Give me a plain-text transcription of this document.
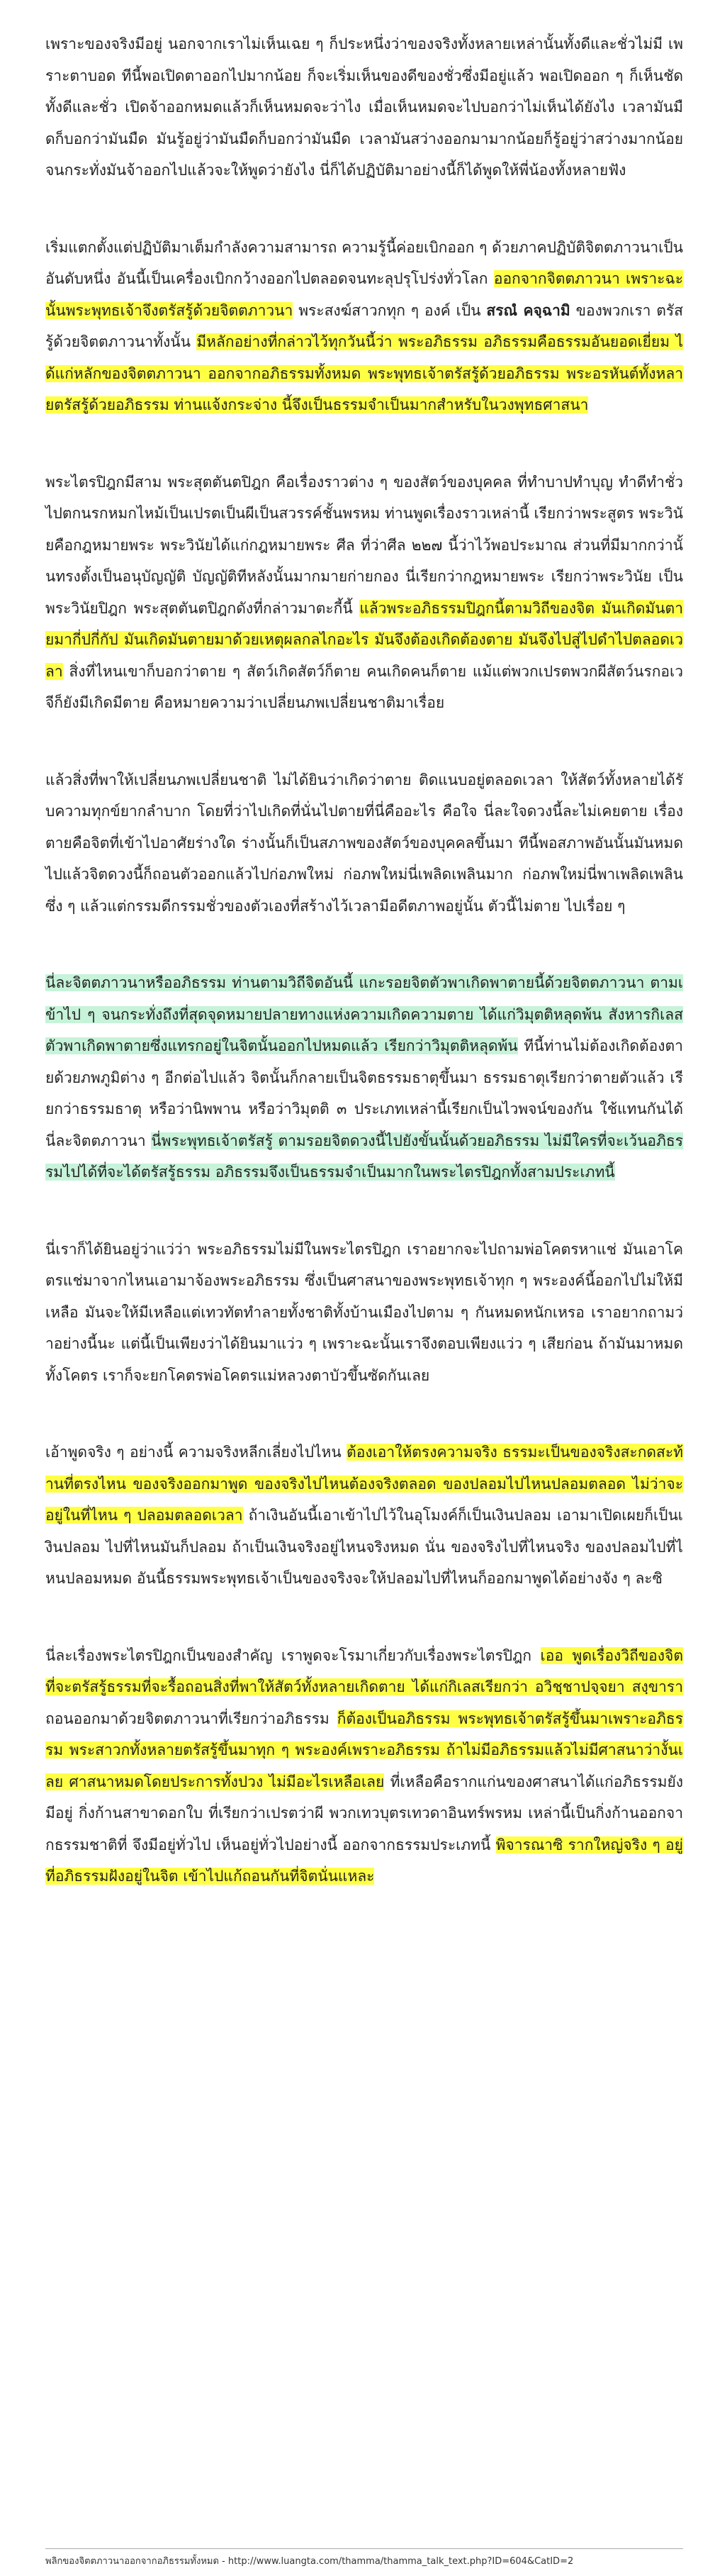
เพราะของจริงมีอยู่ นอกจากเราไม่เห็นเฉย ๆ ก็ประหนึ่งว่าของจริงทั้งหลายเหล่านั้นทั้งดีและชั่วไม่มี เพราะตาบอด ทีนี้พอเปิดตาออกไปมากน้อย ก็จะเริ่มเห็นของดีของชั่วซึ่งมีอยู่แล้ว พอเปิดออก ๆ ก็เห็นชัดทั้งดีและชั่ว เปิดจ้าออกหมดแล้วก็เห็นหมดจะว่าไง เมื่อเห็นหมดจะไปบอกว่าไม่เห็นได้ยังไง เวลามันมืดก็บอกว่ามันมืด มันรู้อยู่ว่ามันมืดก็บอกว่ามันมืด เวลามันสว่างออกมามากน้อยก็รู้อยู่ว่าสว่างมากน้อย จนกระทั่งมันจ้าออกไปแล้วจะให้พูดว่ายังไง นี่ก็ได้ปฏิบัติมาอย่างนี้ก็ได้พูดให้พี่น้องทั้งหลายฟัง

เริ่มแตกตั้งแต่ปฏิบัติมาเต็มกำลังความสามารถ ความรู้นี้ค่อยเบิกออก ๆ ด้วยภาคปฏิบัติจิตตภาวนาเป็นอันดับหนึ่ง อันนี้เป็นเครื่องเบิกกว้างออกไปตลอดจนทะลุปรุโปร่งทั่วโลก ออกจากจิตตภาวนา เพราะฉะนั้นพระพุทธเจ้าจึงตรัสรู้ด้วยจิตตภาวนา พระสงฆ์สาวกทุก ๆ องค์ เป็น สรณํ คจฺฉามิ ของพวกเรา ตรัสรู้ด้วยจิตตภาวนาทั้งนั้น มีหลักอย่างที่กล่าวไว้ทุกวันนี้ว่า พระอภิธรรม อภิธรรมคือธรรมอันยอดเยี่ยม ได้แก่หลักของจิตตภาวนา ออกจากอภิธรรมทั้งหมด พระพุทธเจ้าตรัสรู้ด้วยอภิธรรม พระอรหันต์ทั้งหลายตรัสรู้ด้วยอภิธรรม ท่านแจ้งกระจ่าง นี้จึงเป็นธรรมจำเป็นมากสำหรับในวงพุทธศาสนา

พระไตรปิฎกมีสาม พระสุตตันตปิฎก คือเรื่องราวต่าง ๆ ของสัตว์ของบุคคล ที่ทำบาปทำบุญ ทำดีทำชั่ว ไปตกนรกหมกไหม้เป็นเปรตเป็นผีเป็นสวรรค์ชั้นพรหม ท่านพูดเรื่องราวเหล่านี้ เรียกว่าพระสูตร พระวินัยคือกฎหมายพระ พระวินัยได้แก่กฎหมายพระ ศีล ที่ว่าศีล ๒๒๗ นี้ว่าไว้พอประมาณ ส่วนที่มีมากกว่านั้นทรงตั้งเป็นอนุบัญญัติ บัญญัติทีหลังนั้นมากมายก่ายกอง นี่เรียกว่ากฎหมายพระ เรียกว่าพระวินัย เป็นพระวินัยปิฎก พระสุตตันตปิฎกดังที่กล่าวมาตะกี้นี้ แล้วพระอภิธรรมปิฎกนี้ตามวิถีของจิต มันเกิดมันตายมากี่ปกี่กัป มันเกิดมันตายมาด้วยเหตุผลกลไกอะไร มันจึงต้องเกิดต้องตาย มันจึงไปสู่ไปดำไปตลอดเวลา สิ่งที่ไหนเขาก็บอกว่าตาย ๆ สัตว์เกิดสัตว์ก็ตาย คนเกิดคนก็ตาย แม้แต่พวกเปรตพวกผีสัตว์นรกอเวจีก็ยังมีเกิดมีตาย คือหมายความว่าเปลี่ยนภพเปลี่ยนชาติมาเรื่อย

แล้วสิ่งที่พาให้เปลี่ยนภพเปลี่ยนชาติ ไม่ได้ยินว่าเกิดว่าตาย ติดแนบอยู่ตลอดเวลา ให้สัตว์ทั้งหลายได้รับความทุกข์ยากลำบาก โดยที่ว่าไปเกิดที่นั่นไปตายที่นี่คืออะไร คือใจ นี่ละใจดวงนี้ละไม่เคยตาย เรื่องตายคือจิตที่เข้าไปอาศัยร่างใด ร่างนั้นก็เป็นสภาพของสัตว์ของบุคคลขึ้นมา ทีนี้พอสภาพอันนั้นมันหมดไปแล้วจิตดวงนี้ก็ถอนตัวออกแล้วไปก่อภพใหม่ ก่อภพใหม่นี่เพลิดเพลินมาก ก่อภพใหม่นี่พาเพลิดเพลินซึ่ง ๆ แล้วแต่กรรมดีกรรมชั่วของตัวเองที่สร้างไว้เวลามีอดีตภาพอยู่นั้น ตัวนี้ไม่ตาย ไปเรื่อย ๆ

นี่ละจิตตภาวนาหรืออภิธรรม ท่านตามวิถีจิตอันนี้ แกะรอยจิตตัวพาเกิดพาตายนี้ด้วยจิตตภาวนา ตามเข้าไป ๆ จนกระทั่งถึงที่สุดจุดหมายปลายทางแห่งความเกิดความตาย ได้แก่วิมุตติหลุดพ้น สังหารกิเลสตัวพาเกิดพาตายซึ่งแทรกอยู่ในจิตนั้นออกไปหมดแล้ว เรียกว่าวิมุตติหลุดพ้น ทีนี้ท่านไม่ต้องเกิดต้องตายด้วยภพภูมิต่าง ๆ อีกต่อไปแล้ว จิตนั้นก็กลายเป็นจิตธรรมธาตุขึ้นมา ธรรมธาตุเรียกว่าตายตัวแล้ว เรียกว่าธรรมธาตุ หรือว่านิพพาน หรือว่าวิมุตติ ๓ ประเภทเหล่านี้เรียกเป็นไวพจน์ของกัน ใช้แทนกันได้ นี่ละจิตตภาวนา นี่พระพุทธเจ้าตรัสรู้ ตามรอยจิตดวงนี้ไปยังขั้นนั้นด้วยอภิธรรม ไม่มีใครที่จะเว้นอภิธรรมไปได้ที่จะได้ตรัสรู้ธรรม อภิธรรมจึงเป็นธรรมจำเป็นมากในพระไตรปิฎกทั้งสามประเภทนี้

นี่เราก็ได้ยินอยู่ว่าแว่ว่า พระอภิธรรมไม่มีในพระไตรปิฎก เราอยากจะไปถามพ่อโคตรหาแช่ มันเอาโคตรแช่มาจากไหนเอามาจ้องพระอภิธรรม ซึ่งเป็นศาสนาของพระพุทธเจ้าทุก ๆ พระองค์นี้ออกไปไม่ให้มีเหลือ มันจะให้มีเหลือแต่เทวทัตทำลายทั้งชาติทั้งบ้านเมืองไปตาม ๆ กันหมดหนักเหรอ เราอยากถามว่าอย่างนี้นะ แต่นี้เป็นเพียงว่าได้ยินมาแว่ว ๆ เพราะฉะนั้นเราจึงตอบเพียงแว่ว ๆ เสียก่อน ถ้ามันมาหมดทั้งโคตร เราก็จะยกโคตรพ่อโคตรแม่หลวงตาบัวขึ้นซัดกันเลย

เอ้าพูดจริง ๆ อย่างนี้ ความจริงหลีกเลี่ยงไปไหน ต้องเอาให้ตรงความจริง ธรรมะเป็นของจริงสะกดสะท้านที่ตรงไหน ของจริงออกมาพูด ของจริงไปไหนต้องจริงตลอด ของปลอมไปไหนปลอมตลอด ไม่ว่าจะอยู่ในที่ไหน ๆ ปลอมตลอดเวลา ถ้าเงินอันนี้เอาเข้าไปไว้ในอุโมงค์ก็เป็นเงินปลอม เอามาเปิดเผยก็เป็นเงินปลอม ไปที่ไหนมันก็ปลอม ถ้าเป็นเงินจริงอยู่ไหนจริงหมด นั่น ของจริงไปที่ไหนจริง ของปลอมไปที่ไหนปลอมหมด อันนี้ธรรมพระพุทธเจ้าเป็นของจริงจะให้ปลอมไปที่ไหนก็ออกมาพูดได้อย่างจัง ๆ ละซิ

นี่ละเรื่องพระไตรปิฎกเป็นของสำคัญ เราพูดจะโรมาเกี่ยวกับเรื่องพระไตรปิฎก เออ พูดเรื่องวิถีของจิต ที่จะตรัสรู้ธรรมที่จะรื้อถอนสิ่งที่พาให้สัตว์ทั้งหลายเกิดตาย ได้แก่กิเลสเรียกว่า อวิชฺชาปจฺจยา สงฺขารา ถอนออกมาด้วยจิตตภาวนาที่เรียกว่าอภิธรรม ก็ต้องเป็นอภิธรรม พระพุทธเจ้าตรัสรู้ขึ้นมาเพราะอภิธรรม พระสาวกทั้งหลายตรัสรู้ขึ้นมาทุก ๆ พระองค์เพราะอภิธรรม ถ้าไม่มีอภิธรรมแล้วไม่มีศาสนาว่างั้นเลย ศาสนาหมดโดยประการทั้งปวง ไม่มีอะไรเหลือเลย ที่เหลือคือรากแก่นของศาสนาได้แก่อภิธรรมยังมีอยู่ กิ่งก้านสาขาดอกใบ ที่เรียกว่าเปรตว่าผี พวกเทวบุตรเทวดาอินทร์พรหม เหล่านี้เป็นกิ่งก้านออกจากธรรมชาติที่ จึงมีอยู่ทั่วไป เห็นอยู่ทั่วไปอย่างนี้ ออกจากธรรมประเภทนี้ พิจารณาซิ รากใหญ่จริง ๆ อยู่ที่อภิธรรมฝังอยู่ในจิต เข้าไปแก้ถอนกันที่จิตนั่นแหละ

พลิกของจิตตภาวนาออกจากอภิธรรมทั้งหมด - http://www.luangta.com/thamma/thamma_talk_text.php?ID=604&CatID=2
